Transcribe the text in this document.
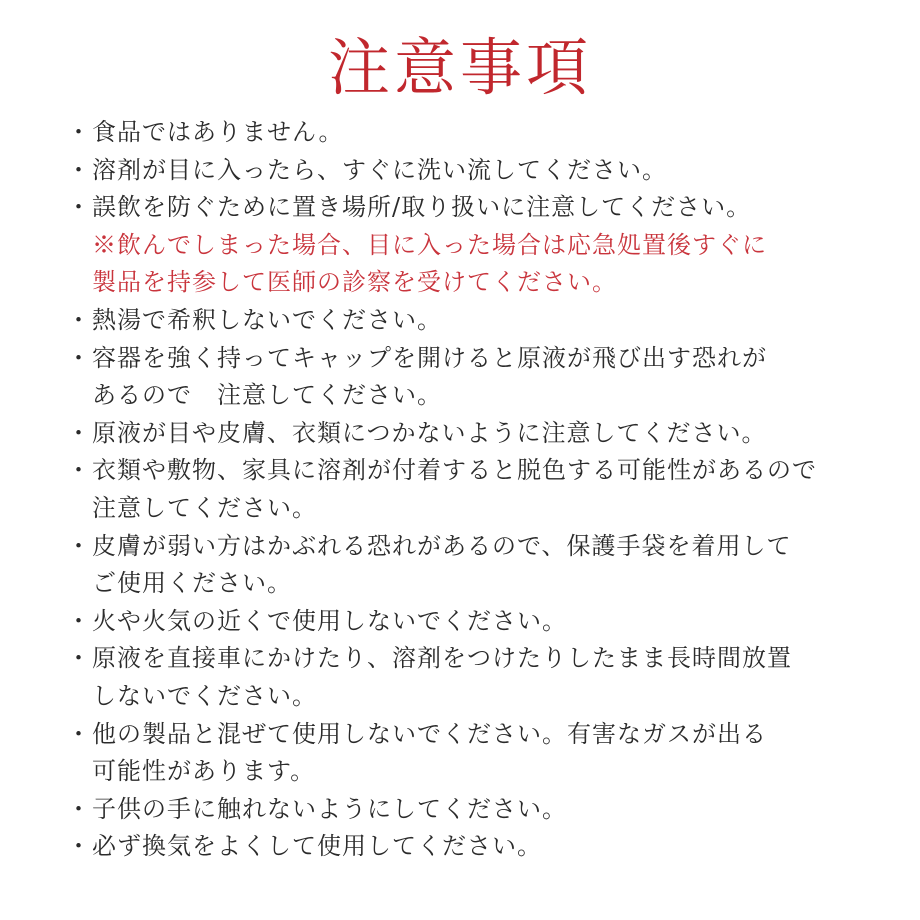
注意事項
・ 食品ではありません。
・ 溶剤が目に入ったら、すぐに洗い流してください。
・ 誤飲を防ぐために置き場所/取り扱いに注意してください。
※飲んでしまった場合、目に入った場合は応急処置後すぐに
製品を持参して医師の診察を受けてください。
・ 熱湯で希釈しないでください。
・ 容器を強く持ってキャップを開けると原液が飛び出す恐れが
あるので　注意してください。
・ 原液が目や皮膚、衣類につかないように注意してください。
・ 衣類や敷物、家具に溶剤が付着すると脱色する可能性があるので
注意してください。
・ 皮膚が弱い方はかぶれる恐れがあるので、保護手袋を着用して
ご使用ください。
・ 火や火気の近くで使用しないでください。
・ 原液を直接車にかけたり、溶剤をつけたりしたまま長時間放置
しないでください。
・ 他の製品と混ぜて使用しないでください。有害なガスが出る
可能性があります。
・ 子供の手に触れないようにしてください。
・ 必ず換気をよくして使用してください。
